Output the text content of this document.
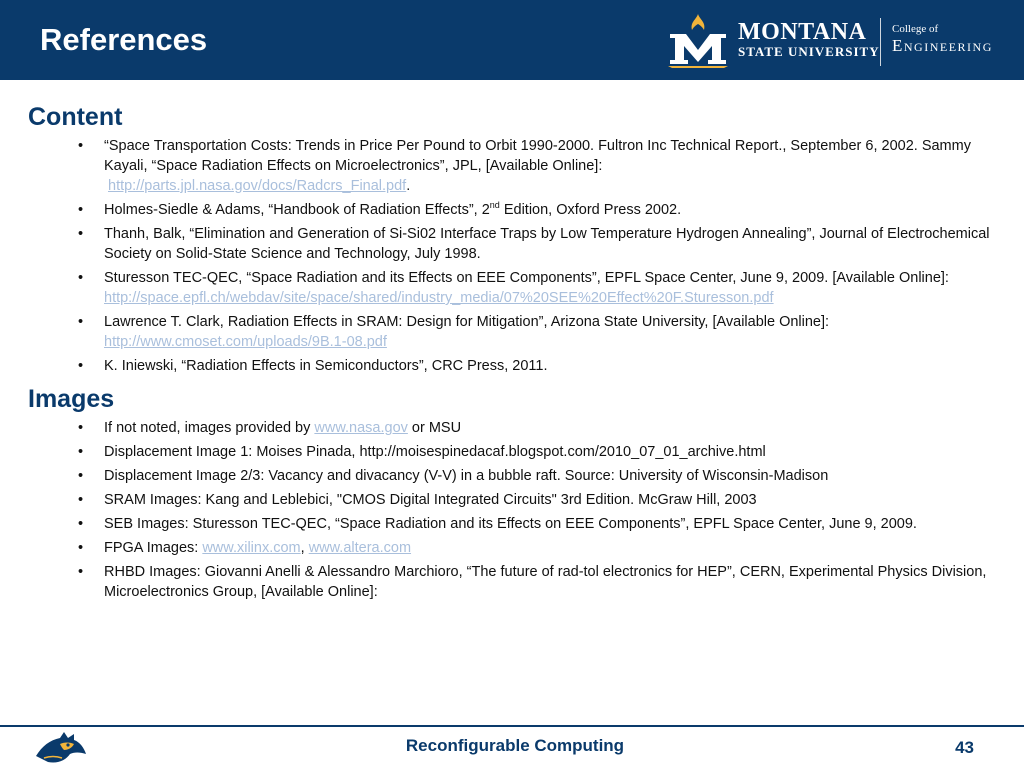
References	MONTANA
STATE UNIVERSITY
College of
Engineering
Content
• “Space Transportation Costs: Trends in Price Per Pound to Orbit 1990-2000. Fultron Inc Technical Report., September 6, 2002. Sammy Kayali, “Space Radiation Effects on Microelectronics”, JPL, [Available Online]:
http://parts.jpl.nasa.gov/docs/Radcrs_Final.pdf.
• Holmes-Siedle & Adams, “Handbook of Radiation Effects”, 2nd Edition, Oxford Press 2002.
• Thanh, Balk, “Elimination and Generation of Si-Si02 Interface Traps by Low Temperature Hydrogen Annealing”, Journal of Electrochemical Society on Solid-State Science and Technology, July 1998.
• Sturesson TEC-QEC, “Space Radiation and its Effects on EEE Components”, EPFL Space Center, June 9, 2009. [Available Online]:
http://space.epfl.ch/webdav/site/space/shared/industry_media/07%20SEE%20Effect%20F.Sturesson.pdf
• Lawrence T. Clark, Radiation Effects in SRAM: Design for Mitigation”, Arizona State University, [Available Online]:
http://www.cmoset.com/uploads/9B.1-08.pdf
• K. Iniewski, “Radiation Effects in Semiconductors”, CRC Press, 2011.
Images
• If not noted, images provided by www.nasa.gov or MSU
• Displacement Image 1: Moises Pinada, http://moisespinedacaf.blogspot.com/2010_07_01_archive.html
• Displacement Image 2/3: Vacancy and divacancy (V-V) in a bubble raft. Source: University of Wisconsin-Madison
• SRAM Images: Kang and Leblebici, "CMOS Digital Integrated Circuits" 3rd Edition. McGraw Hill, 2003
• SEB Images: Sturesson TEC-QEC, “Space Radiation and its Effects on EEE Components”, EPFL Space Center, June 9, 2009.
• FPGA Images: www.xilinx.com, www.altera.com
• RHBD Images: Giovanni Anelli & Alessandro Marchioro, “The future of rad-tol electronics for HEP”, CERN, Experimental Physics Division, Microelectronics Group, [Available Online]:
Reconfigurable Computing	43
